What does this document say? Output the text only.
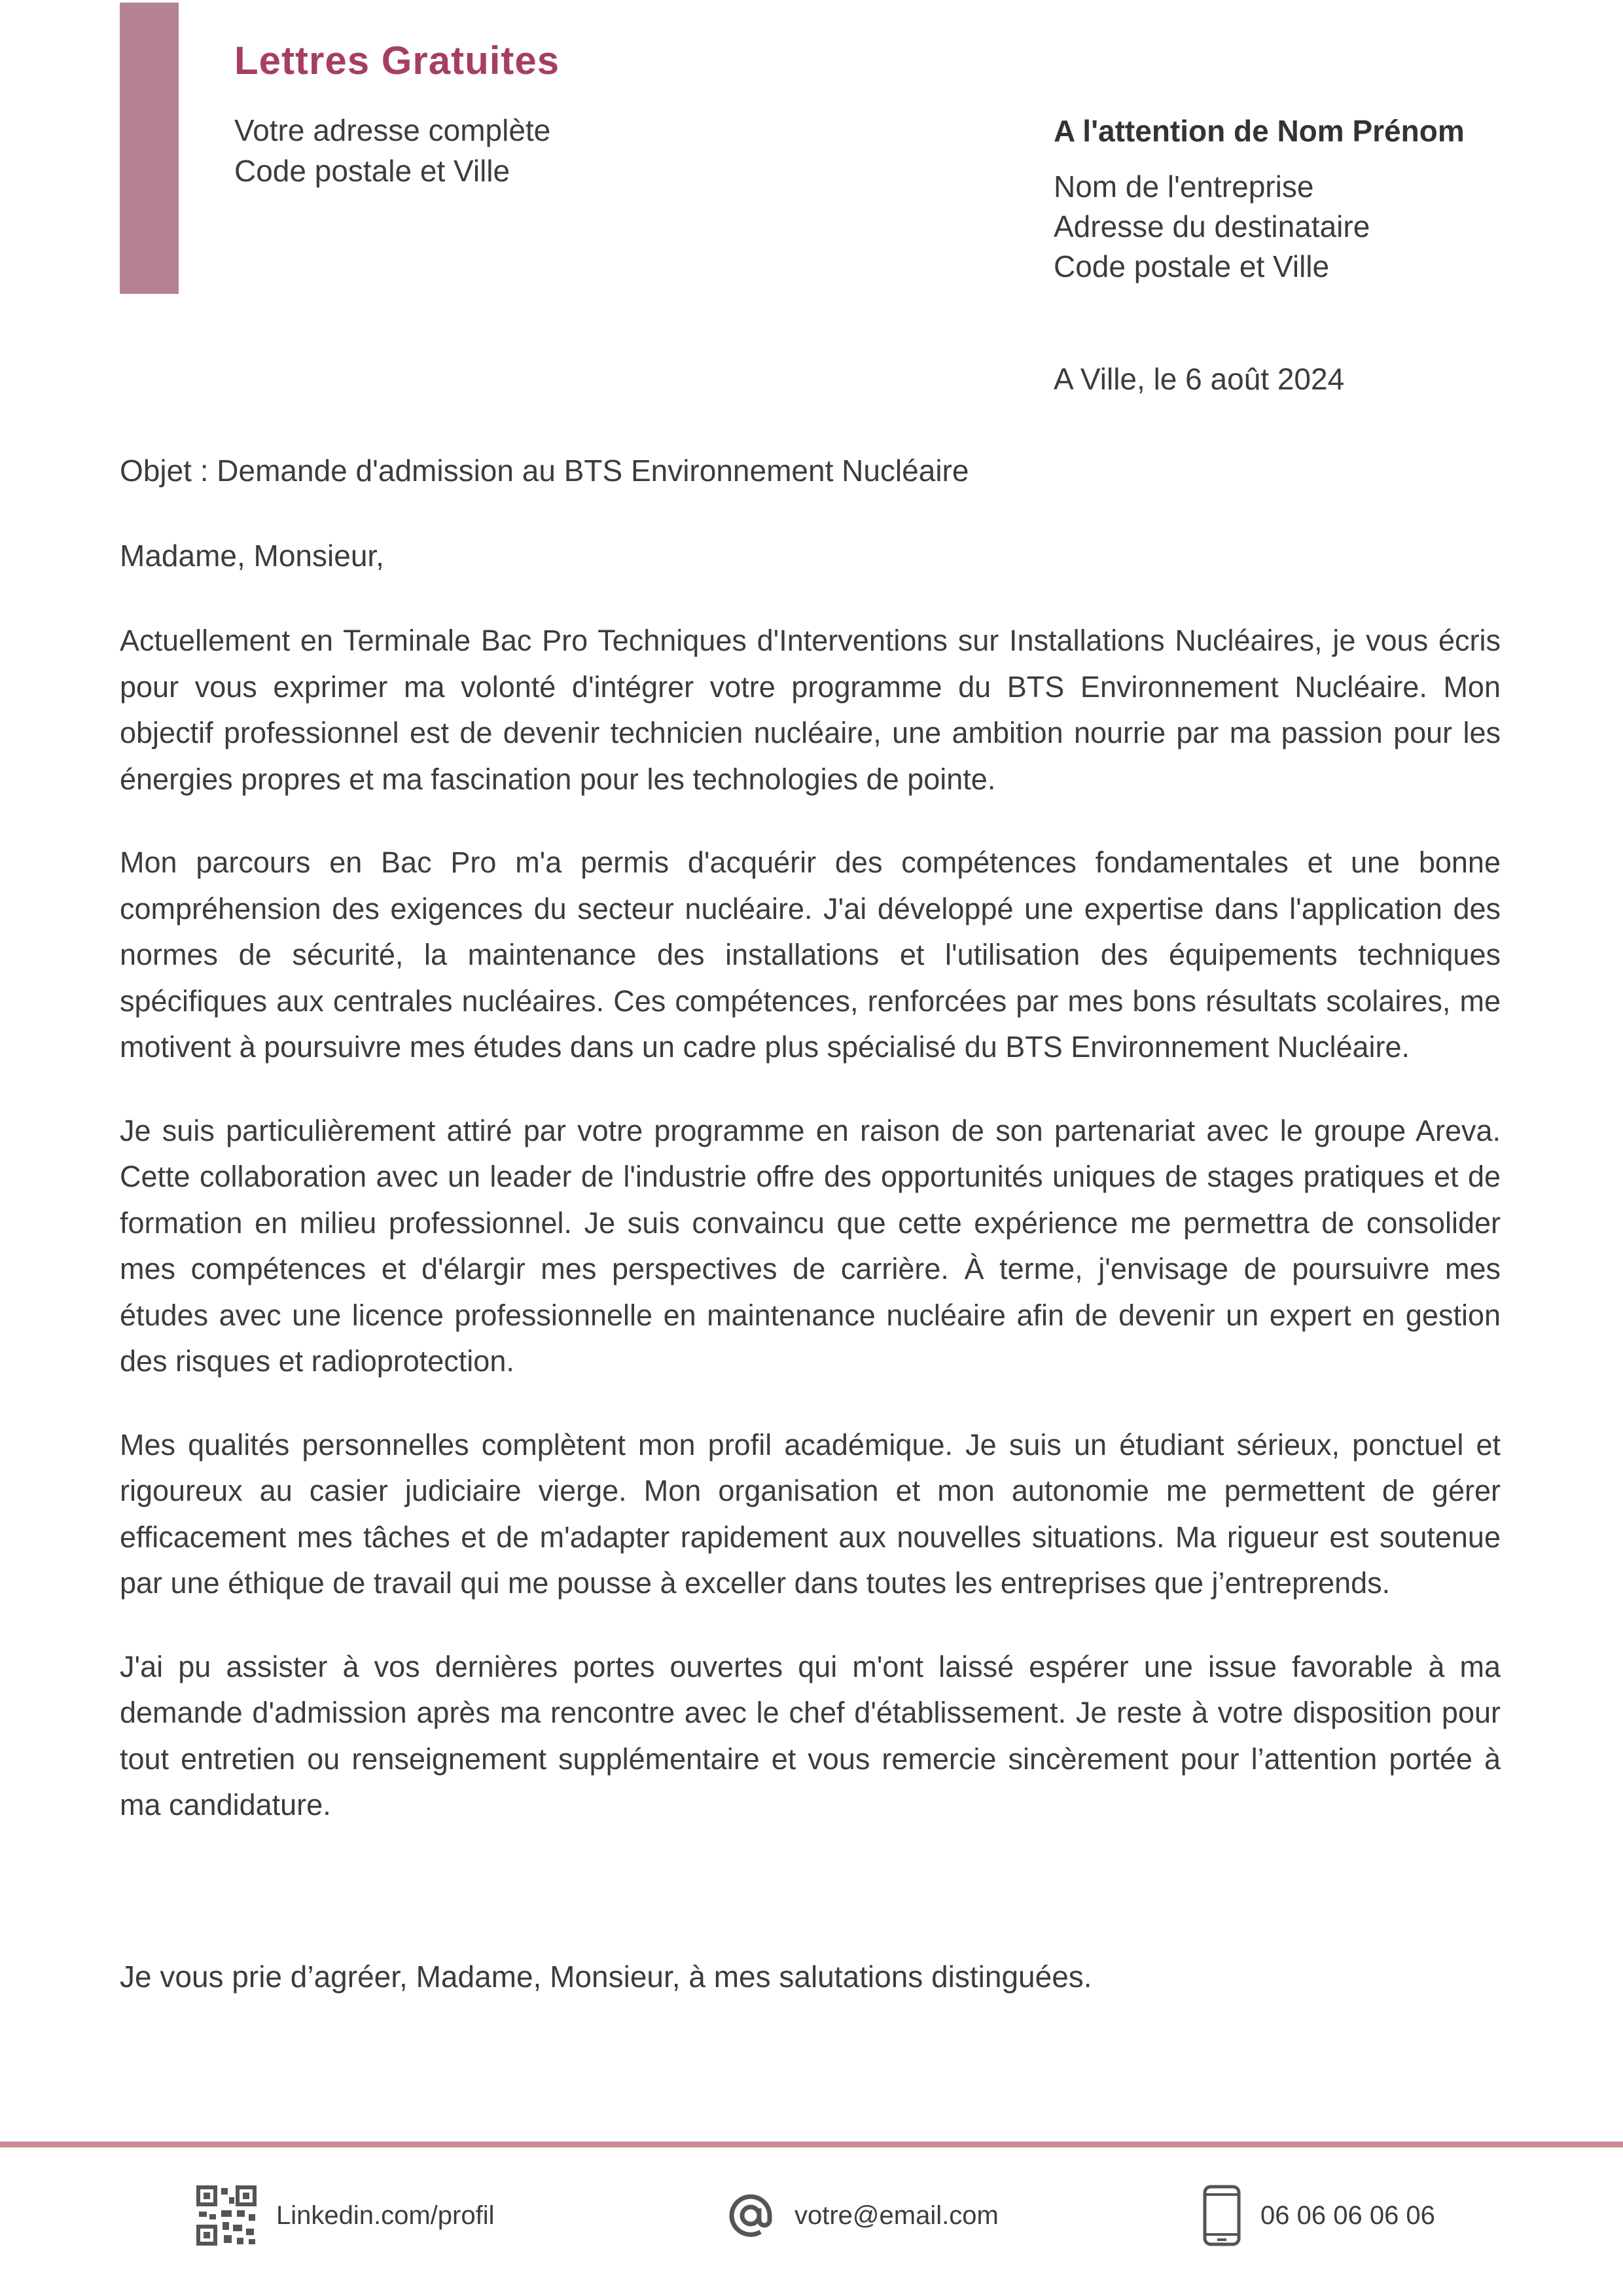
Lettres Gratuites
Votre adresse complète
Code postale et Ville
A l'attention de Nom Prénom
Nom de l'entreprise
Adresse du destinataire
Code postale et Ville
A Ville, le 6 août 2024
Objet : Demande d'admission au BTS Environnement Nucléaire
Madame, Monsieur,

Actuellement en Terminale Bac Pro Techniques d'Interventions sur Installations Nucléaires, je vous écris pour vous exprimer ma volonté d'intégrer votre programme du BTS Environnement Nucléaire. Mon objectif professionnel est de devenir technicien nucléaire, une ambition nourrie par ma passion pour les énergies propres et ma fascination pour les technologies de pointe.

Mon parcours en Bac Pro m'a permis d'acquérir des compétences fondamentales et une bonne compréhension des exigences du secteur nucléaire. J'ai développé une expertise dans l'application des normes de sécurité, la maintenance des installations et l'utilisation des équipements techniques spécifiques aux centrales nucléaires. Ces compétences, renforcées par mes bons résultats scolaires, me motivent à poursuivre mes études dans un cadre plus spécialisé du BTS Environnement Nucléaire.

Je suis particulièrement attiré par votre programme en raison de son partenariat avec le groupe Areva. Cette collaboration avec un leader de l'industrie offre des opportunités uniques de stages pratiques et de formation en milieu professionnel. Je suis convaincu que cette expérience me permettra de consolider mes compétences et d'élargir mes perspectives de carrière. À terme, j'envisage de poursuivre mes études avec une licence professionnelle en maintenance nucléaire afin de devenir un expert en gestion des risques et radioprotection.

Mes qualités personnelles complètent mon profil académique. Je suis un étudiant sérieux, ponctuel et rigoureux au casier judiciaire vierge. Mon organisation et mon autonomie me permettent de gérer efficacement mes tâches et de m'adapter rapidement aux nouvelles situations. Ma rigueur est soutenue par une éthique de travail qui me pousse à exceller dans toutes les entreprises que j’entreprends.

J'ai pu assister à vos dernières portes ouvertes qui m'ont laissé espérer une issue favorable à ma demande d'admission après ma rencontre avec le chef d'établissement. Je reste à votre disposition pour tout entretien ou renseignement supplémentaire et vous remercie sincèrement pour l’attention portée à ma candidature.

Je vous prie d’agréer, Madame, Monsieur, à mes salutations distinguées.
Linkedin.com/profil	votre@email.com	06 06 06 06 06
